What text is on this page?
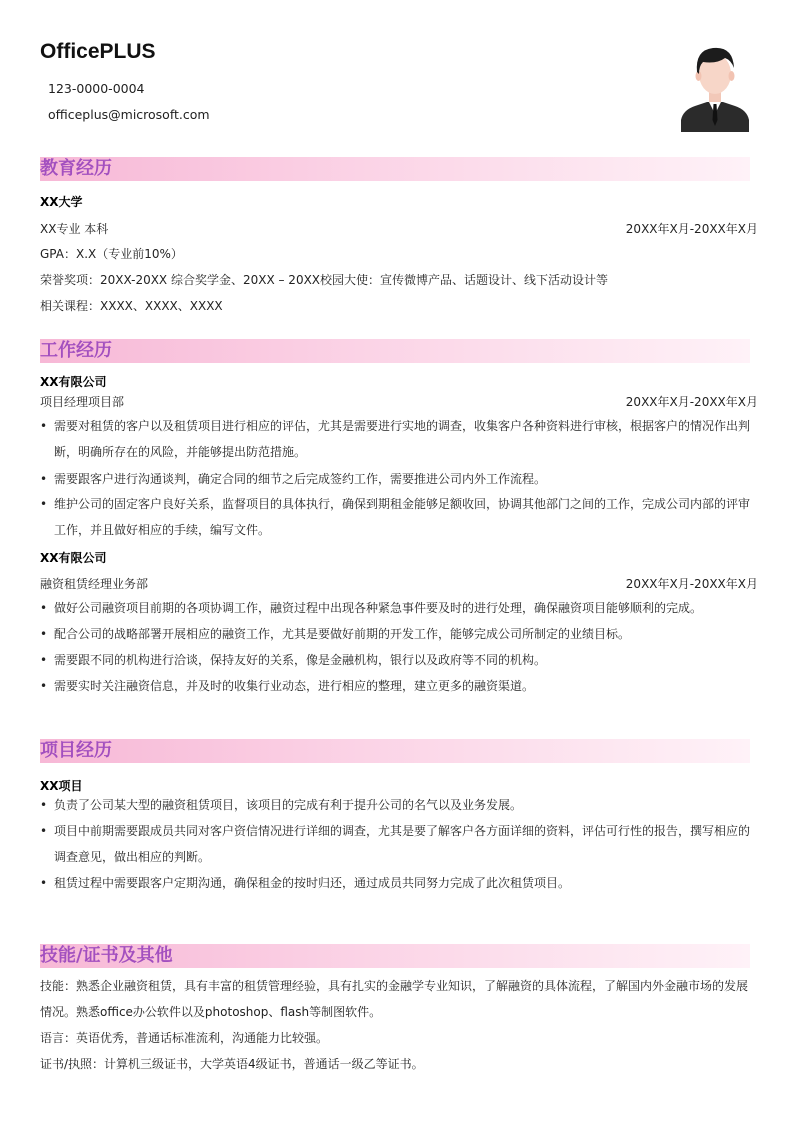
OfficePLUS
123-0000-0004
officeplus@microsoft.com
教育经历
XX大学
XX专业 本科	20XX年X月-20XX年X月
GPA：X.X（专业前10%）
荣誉奖项：20XX-20XX 综合奖学金、20XX – 20XX校园大使：宣传微博产品、话题设计、线下活动设计等
相关课程：XXXX、XXXX、XXXX
工作经历
XX有限公司
项目经理项目部	20XX年X月-20XX年X月
• 需要对租赁的客户以及租赁项目进行相应的评估，尤其是需要进行实地的调查，收集客户各种资料进行审核，根据客户的情况作出判断，明确所存在的风险，并能够提出防范措施。
• 需要跟客户进行沟通谈判，确定合同的细节之后完成签约工作，需要推进公司内外工作流程。
• 维护公司的固定客户良好关系，监督项目的具体执行，确保到期租金能够足额收回，协调其他部门之间的工作，完成公司内部的评审工作，并且做好相应的手续，编写文件。
XX有限公司
融资租赁经理业务部	20XX年X月-20XX年X月
• 做好公司融资项目前期的各项协调工作，融资过程中出现各种紧急事件要及时的进行处理，确保融资项目能够顺利的完成。
• 配合公司的战略部署开展相应的融资工作，尤其是要做好前期的开发工作，能够完成公司所制定的业绩目标。
• 需要跟不同的机构进行洽谈，保持友好的关系，像是金融机构，银行以及政府等不同的机构。
• 需要实时关注融资信息，并及时的收集行业动态，进行相应的整理，建立更多的融资渠道。
项目经历
XX项目
• 负责了公司某大型的融资租赁项目，该项目的完成有利于提升公司的名气以及业务发展。
• 项目中前期需要跟成员共同对客户资信情况进行详细的调查，尤其是要了解客户各方面详细的资料，评估可行性的报告，撰写相应的调查意见，做出相应的判断。
• 租赁过程中需要跟客户定期沟通，确保租金的按时归还，通过成员共同努力完成了此次租赁项目。
技能/证书及其他
技能：熟悉企业融资租赁，具有丰富的租赁管理经验，具有扎实的金融学专业知识，了解融资的具体流程，了解国内外金融市场的发展情况。熟悉office办公软件以及photoshop、flash等制图软件。
语言：英语优秀，普通话标准流利，沟通能力比较强。
证书/执照：计算机三级证书，大学英语4级证书，普通话一级乙等证书。
